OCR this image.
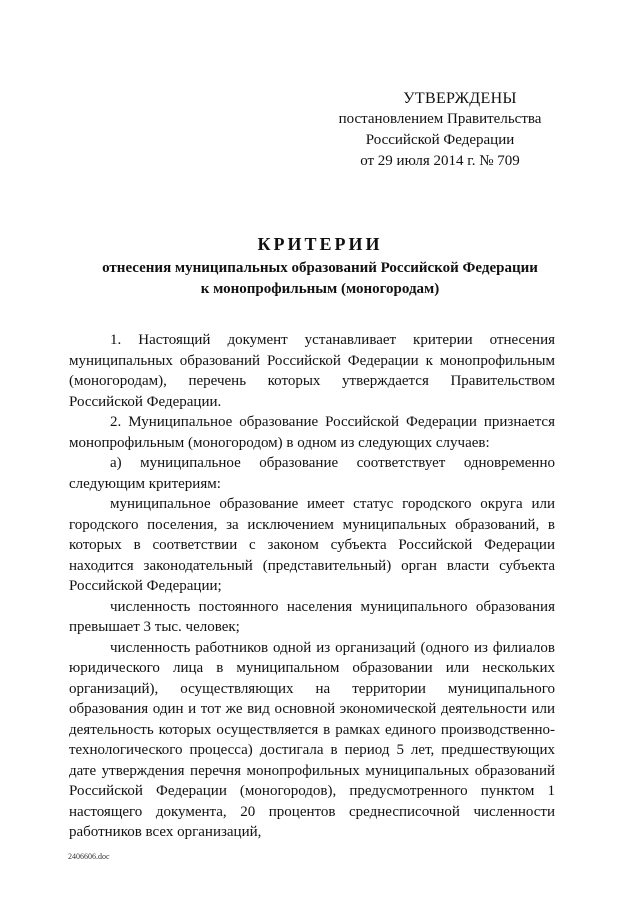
УТВЕРЖДЕНЫ
постановлением Правительства
Российской Федерации
от 29 июля 2014 г. № 709
КРИТЕРИИ
отнесения муниципальных образований Российской Федерации
к монопрофильным (моногородам)

1. Настоящий документ устанавливает критерии отнесения муниципальных образований Российской Федерации к монопрофильным (моногородам), перечень которых утверждается Правительством Российской Федерации.

2. Муниципальное образование Российской Федерации признается монопрофильным (моногородом) в одном из следующих случаев:

а) муниципальное образование соответствует одновременно следующим критериям:

муниципальное образование имеет статус городского округа или городского поселения, за исключением муниципальных образований, в которых в соответствии с законом субъекта Российской Федерации находится законодательный (представительный) орган власти субъекта Российской Федерации;

численность постоянного населения муниципального образования превышает 3 тыс. человек;

численность работников одной из организаций (одного из филиалов юридического лица в муниципальном образовании или нескольких организаций), осуществляющих на территории муниципального образования один и тот же вид основной экономической деятельности или деятельность которых осуществляется в рамках единого производственно-технологического процесса) достигала в период 5 лет, предшествующих дате утверждения перечня монопрофильных муниципальных образований Российской Федерации (моногородов), предусмотренного пунктом 1 настоящего документа, 20 процентов среднесписочной численности работников всех организаций,

2406606.doc
